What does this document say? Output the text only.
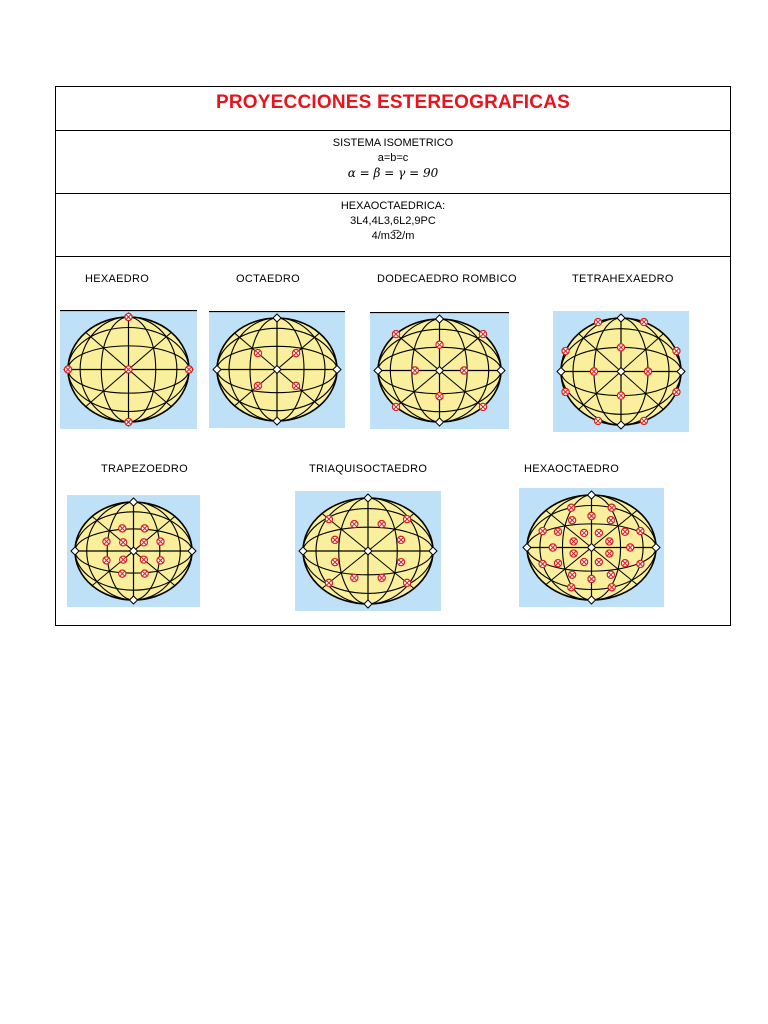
PROYECCIONES ESTEREOGRAFICAS
SISTEMA ISOMETRICO
a=b=c
α = β = γ = 90
HEXAOCTAEDRICA:
3L4,4L3,6L2,9PC
4/m3̅2/m
HEXAEDRO	OCTAEDRO	DODECAEDRO ROMBICO	TETRAHEXAEDRO
TRAPEZOEDRO	TRIAQUISOCTAEDRO	HEXAOCTAEDRO
